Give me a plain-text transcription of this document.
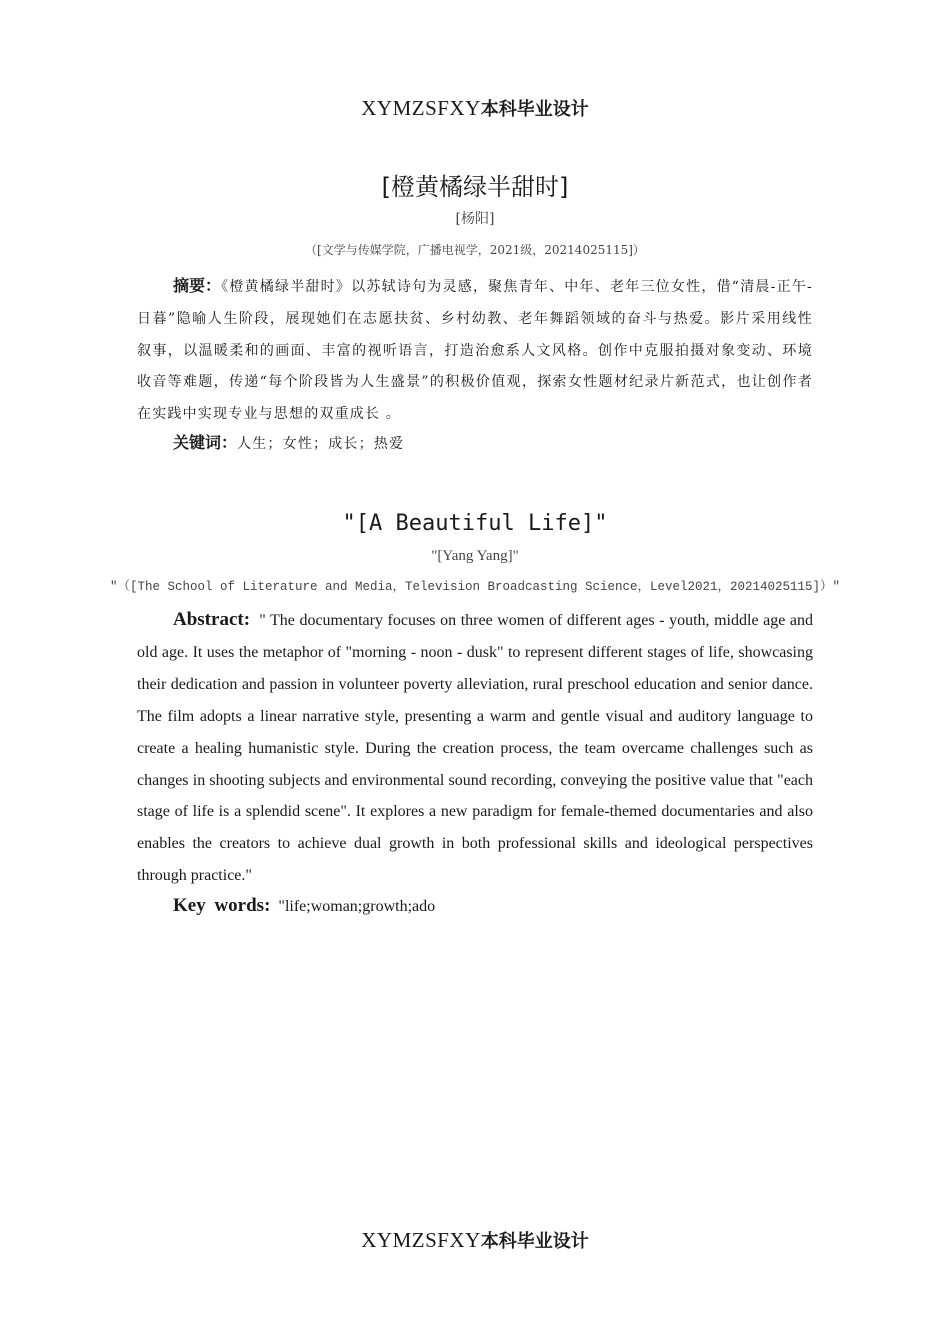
XYMZSFXY本科毕业设计
[橙黄橘绿半甜时]
[杨阳]
（[文学与传媒学院，广播电视学，2021级，20214025115]）
摘要：《橙黄橘绿半甜时》以苏轼诗句为灵感，聚焦青年、中年、老年三位女性，借“清晨-正午-日暮”隐喻人生阶段，展现她们在志愿扶贫、乡村幼教、老年舞蹈领域的奋斗与热爱。影片采用线性叙事，以温暖柔和的画面、丰富的视听语言，打造治愈系人文风格。创作中克服拍摄对象变动、环境收音等难题，传递“每个阶段皆为人生盛景”的积极价值观，探索女性题材纪录片新范式，也让创作者在实践中实现专业与思想的双重成长 。
关键词：人生；女性；成长；热爱
"[A Beautiful Life]"
"[Yang Yang]"
"（[The School of Literature and Media，Television Broadcasting Science，Level2021，20214025115]）"
Abstract: " The documentary focuses on three women of different ages - youth, middle age and old age. It uses the metaphor of "morning - noon - dusk" to represent different stages of life, showcasing their dedication and passion in volunteer poverty alleviation, rural preschool education and senior dance. The film adopts a linear narrative style, presenting a warm and gentle visual and auditory language to create a healing humanistic style. During the creation process, the team overcame challenges such as changes in shooting subjects and environmental sound recording, conveying the positive value that "each stage of life is a splendid scene". It explores a new paradigm for female-themed documentaries and also enables the creators to achieve dual growth in both professional skills and ideological perspectives through practice."
Key words: "life;woman;growth;ado
XYMZSFXY本科毕业设计
